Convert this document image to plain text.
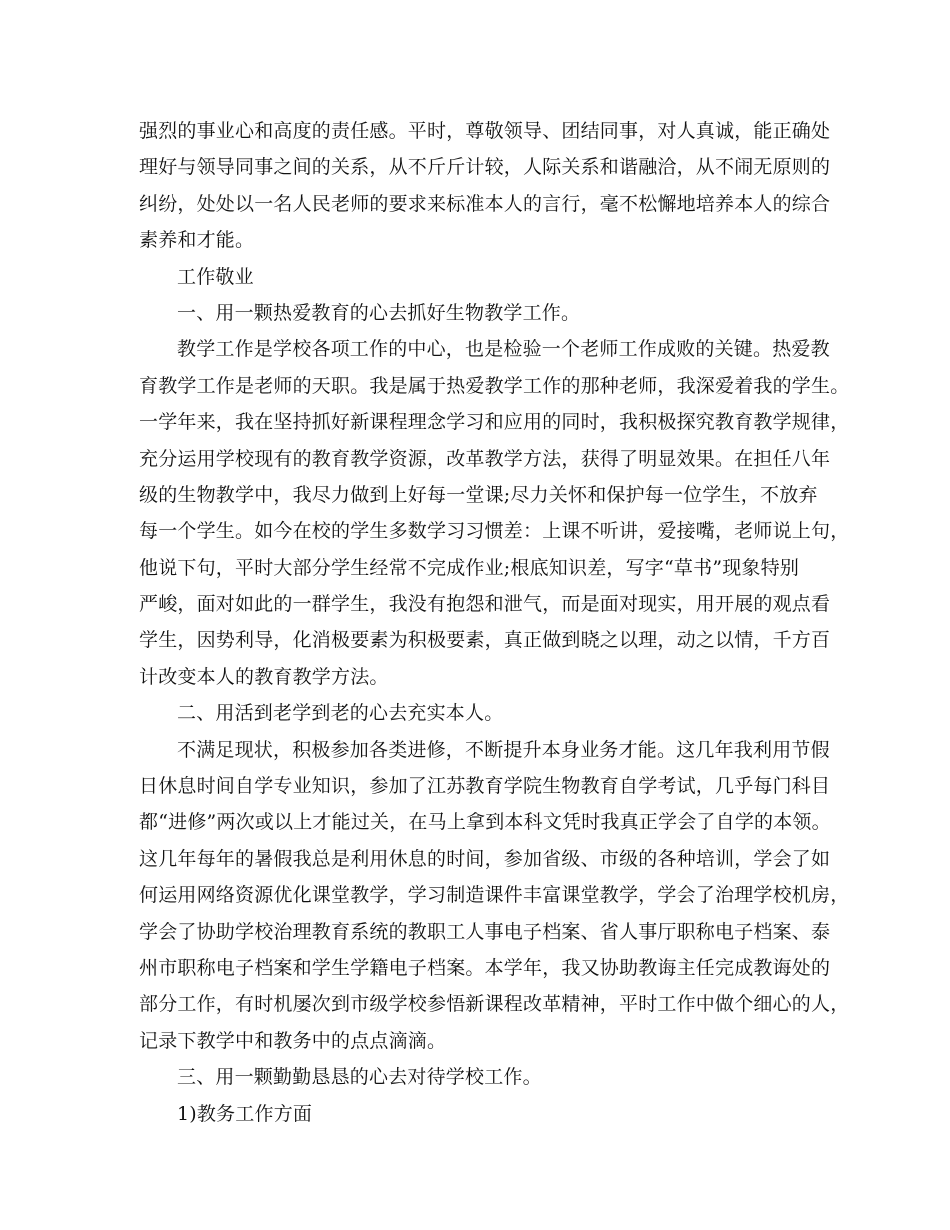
强烈的事业心和高度的责任感。平时，尊敬领导、团结同事，对人真诚，能正确处
理好与领导同事之间的关系，从不斤斤计较，人际关系和谐融洽，从不闹无原则的
纠纷，处处以一名人民老师的要求来标准本人的言行，毫不松懈地培养本人的综合
素养和才能。
工作敬业
一、用一颗热爱教育的心去抓好生物教学工作。
教学工作是学校各项工作的中心，也是检验一个老师工作成败的关键。热爱教
育教学工作是老师的天职。我是属于热爱教学工作的那种老师，我深爱着我的学生。
一学年来，我在坚持抓好新课程理念学习和应用的同时，我积极探究教育教学规律，
充分运用学校现有的教育教学资源，改革教学方法，获得了明显效果。在担任八年
级的生物教学中，我尽力做到上好每一堂课;尽力关怀和保护每一位学生，不放弃
每一个学生。如今在校的学生多数学习习惯差：上课不听讲，爱接嘴，老师说上句，
他说下句，平时大部分学生经常不完成作业;根底知识差，写字“草书”现象特别
严峻，面对如此的一群学生，我没有抱怨和泄气，而是面对现实，用开展的观点看
学生，因势利导，化消极要素为积极要素，真正做到晓之以理，动之以情，千方百
计改变本人的教育教学方法。
二、用活到老学到老的心去充实本人。
不满足现状，积极参加各类进修，不断提升本身业务才能。这几年我利用节假
日休息时间自学专业知识，参加了江苏教育学院生物教育自学考试，几乎每门科目
都“进修”两次或以上才能过关，在马上拿到本科文凭时我真正学会了自学的本领。
这几年每年的暑假我总是利用休息的时间，参加省级、市级的各种培训，学会了如
何运用网络资源优化课堂教学，学习制造课件丰富课堂教学，学会了治理学校机房，
学会了协助学校治理教育系统的教职工人事电子档案、省人事厅职称电子档案、泰
州市职称电子档案和学生学籍电子档案。本学年，我又协助教诲主任完成教诲处的
部分工作，有时机屡次到市级学校参悟新课程改革精神，平时工作中做个细心的人，
记录下教学中和教务中的点点滴滴。
三、用一颗勤勤恳恳的心去对待学校工作。
1)教务工作方面
